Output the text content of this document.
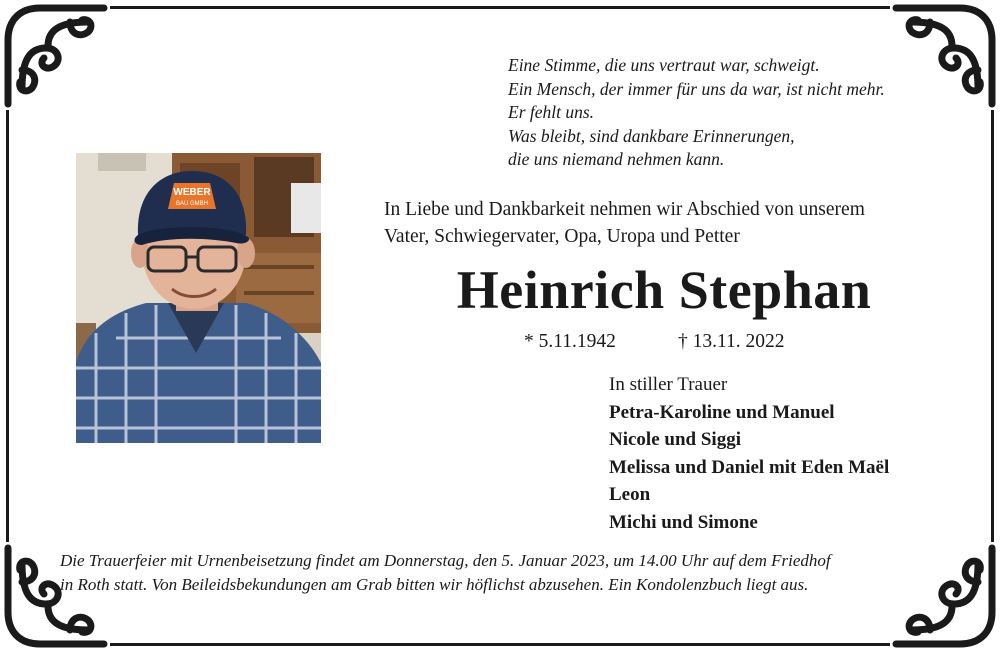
Eine Stimme, die uns vertraut war, schweigt.
Ein Mensch, der immer für uns da war, ist nicht mehr.
Er fehlt uns.
Was bleibt, sind dankbare Erinnerungen,
die uns niemand nehmen kann.
WEBER
BAU GMBH	In Liebe und Dankbarkeit nehmen wir Abschied von unserem
Vater, Schwiegervater, Opa, Uropa und Petter
Heinrich Stephan
* 5.11.1942	† 13.11. 2022
In stiller Trauer
Petra-Karoline und Manuel
Nicole und Siggi
Melissa und Daniel mit Eden Maël
Leon
Michi und Simone
Die Trauerfeier mit Urnenbeisetzung findet am Donnerstag, den 5. Januar 2023, um 14.00 Uhr auf dem Friedhof
in Roth statt. Von Beileidsbekundungen am Grab bitten wir höflichst abzusehen. Ein Kondolenzbuch liegt aus.
